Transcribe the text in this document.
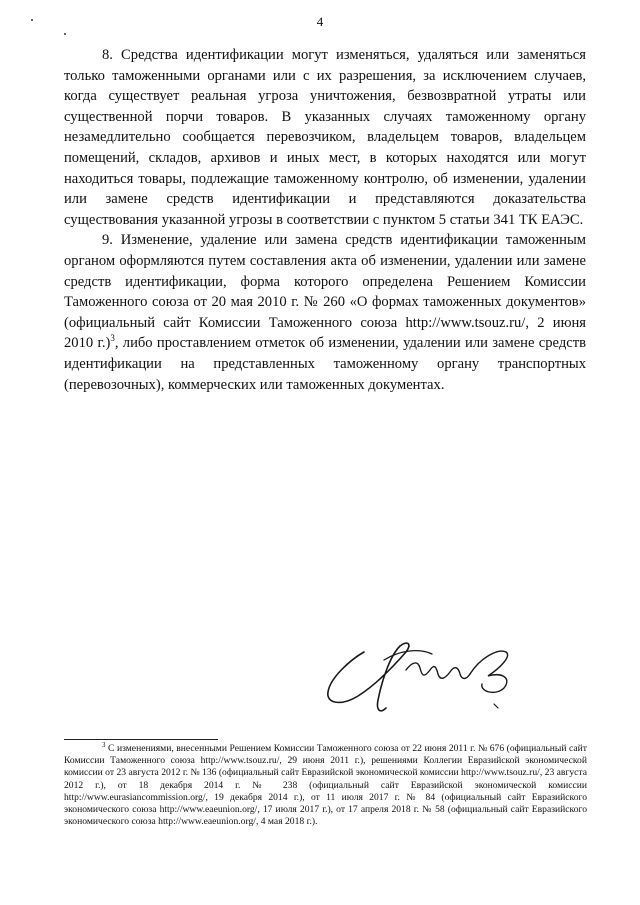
4

8. Средства идентификации могут изменяться, удаляться или заменяться только таможенными органами или с их разрешения, за исключением случаев, когда существует реальная угроза уничтожения, безвозвратной утраты или существенной порчи товаров. В указанных случаях таможенному органу незамедлительно сообщается перевозчиком, владельцем товаров, владельцем помещений, складов, архивов и иных мест, в которых находятся или могут находиться товары, подлежащие таможенному контролю, об изменении, удалении или замене средств идентификации и представляются доказательства существования указанной угрозы в соответствии с пунктом 5 статьи 341 ТК ЕАЭС.

9. Изменение, удаление или замена средств идентификации таможенным органом оформляются путем составления акта об изменении, удалении или замене средств идентификации, форма которого определена Решением Комиссии Таможенного союза от 20 мая 2010 г. № 260 «О формах таможенных документов» (официальный сайт Комиссии Таможенного союза http://www.tsouz.ru/, 2 июня 2010 г.)$^3$, либо проставлением отметок об изменении, удалении или замене средств идентификации на представленных таможенному органу транспортных (перевозочных), коммерческих или таможенных документах.

$^3$ С изменениями, внесенными Решением Комиссии Таможенного союза от 22 июня 2011 г. № 676 (официальный сайт Комиссии Таможенного союза http://www.tsouz.ru/, 29 июня 2011 г.), решениями Коллегии Евразийской экономической комиссии от 23 августа 2012 г. № 136 (официальный сайт Евразийской экономической комиссии http://www.tsouz.ru/, 23 августа 2012 г.), от 18 декабря 2014 г. № 238 (официальный сайт Евразийской экономической комиссии http://www.eurasiancommission.org/, 19 декабря 2014 г.), от 11 июля 2017 г. № 84 (официальный сайт Евразийского экономического союза http://www.eaeunion.org/, 17 июля 2017 г.), от 17 апреля 2018 г. № 58 (официальный сайт Евразийского экономического союза http://www.eaeunion.org/, 4 мая 2018 г.).
